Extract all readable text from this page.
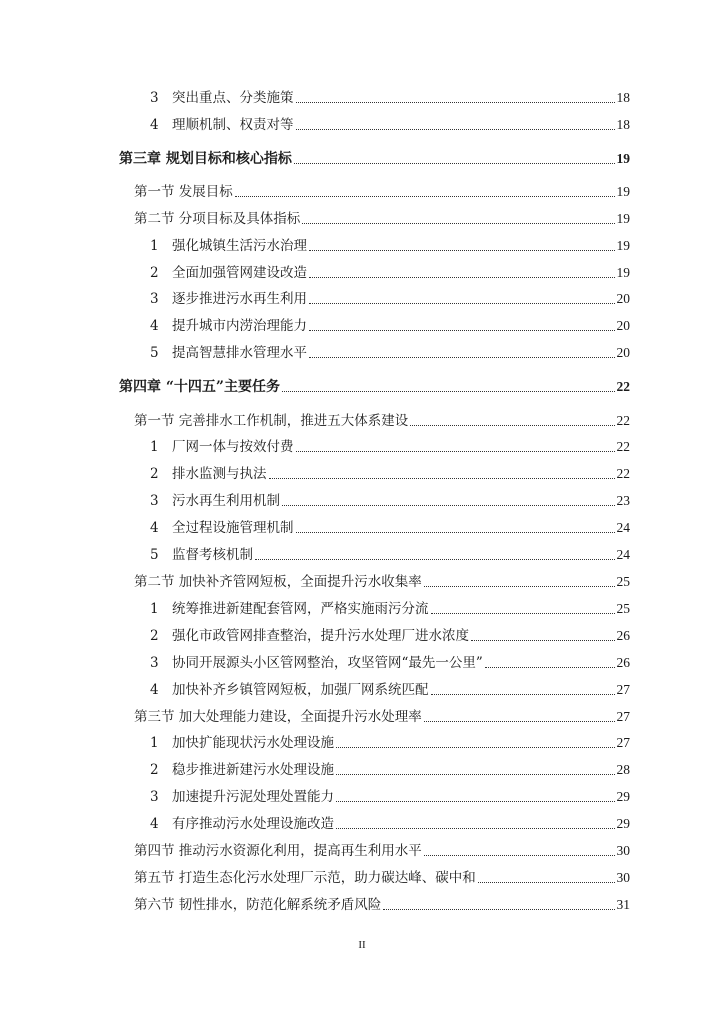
3 突出重点、分类施策	18
4 理顺机制、权责对等	18
第三章 规划目标和核心指标	19
第一节 发展目标	19
第二节 分项目标及具体指标	19
1 强化城镇生活污水治理	19
2 全面加强管网建设改造	19
3 逐步推进污水再生利用	20
4 提升城市内涝治理能力	20
5 提高智慧排水管理水平	20
第四章 “十四五”主要任务	22
第一节 完善排水工作机制，推进五大体系建设	22
1 厂网一体与按效付费	22
2 排水监测与执法	22
3 污水再生利用机制	23
4 全过程设施管理机制	24
5 监督考核机制	24
第二节 加快补齐管网短板，全面提升污水收集率	25
1 统筹推进新建配套管网，严格实施雨污分流	25
2 强化市政管网排查整治，提升污水处理厂进水浓度	26
3 协同开展源头小区管网整治，攻坚管网“最先一公里”	26
4 加快补齐乡镇管网短板，加强厂网系统匹配	27
第三节 加大处理能力建设，全面提升污水处理率	27
1 加快扩能现状污水处理设施	27
2 稳步推进新建污水处理设施	28
3 加速提升污泥处理处置能力	29
4 有序推动污水处理设施改造	29
第四节 推动污水资源化利用，提高再生利用水平	30
第五节 打造生态化污水处理厂示范，助力碳达峰、碳中和	30
第六节 韧性排水，防范化解系统矛盾风险	31
II
